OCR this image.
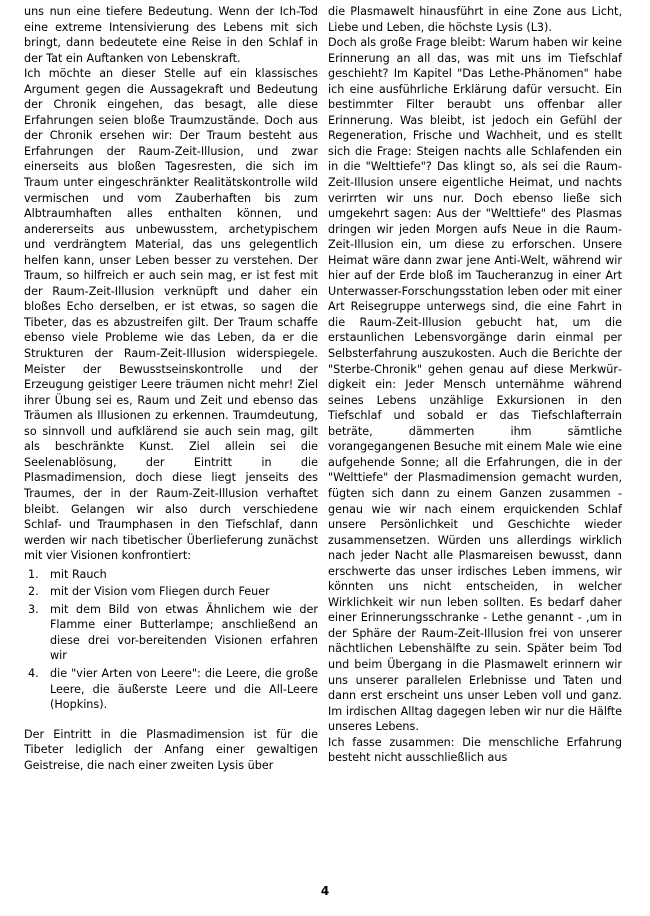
uns nun eine tiefere Bedeutung. Wenn der Ich-Tod eine extreme Intensivierung des Lebens mit sich bringt, dann bedeutete eine Reise in den Schlaf in der Tat ein Auftanken von Lebenskraft.

Ich möchte an dieser Stelle auf ein klassisches Argument gegen die Aussagekraft und Bedeutung der Chronik eingehen, das besagt, alle diese Erfahrungen seien bloße Traumzustände. Doch aus der Chronik ersehen wir: Der Traum besteht aus Erfahrungen der Raum-Zeit-Illusion, und zwar einerseits aus bloßen Tagesresten, die sich im Traum unter eingeschränkter Realitätskontrolle wild vermischen und vom Zauberhaften bis zum Albtraumhaften alles enthalten können, und andererseits aus unbewusstem, archetypischem und verdrängtem Material, das uns gelegentlich helfen kann, unser Leben besser zu verstehen. Der Traum, so hilfreich er auch sein mag, er ist fest mit der Raum-Zeit-Illusion verknüpft und daher ein bloßes Echo derselben, er ist etwas, so sagen die Tibeter, das es abzustreifen gilt. Der Traum schaffe ebenso viele Probleme wie das Leben, da er die Strukturen der Raum-Zeit-Illusion widerspiegele. Meister der Bewusstseinskontrolle und der Erzeugung geistiger Leere träumen nicht mehr! Ziel ihrer Übung sei es, Raum und Zeit und ebenso das Träumen als Illusionen zu erkennen. Traumdeutung, so sinnvoll und aufklärend sie auch sein mag, gilt als beschränkte Kunst. Ziel allein sei die Seelenablösung, der Eintritt in die Plasmadimension, doch diese liegt jenseits des Traumes, der in der Raum-Zeit-Illusion verhaftet bleibt. Gelangen wir also durch verschiedene Schlaf- und Traumphasen in den Tiefschlaf, dann werden wir nach tibetischer Überlieferung zunächst mit vier Visionen konfrontiert:

1. mit Rauch
2. mit der Vision vom Fliegen durch Feuer
3. mit dem Bild von etwas Ähnlichem wie der Flamme einer Butterlampe; anschließend an diese drei vor-bereitenden Visionen erfahren wir
4. die "vier Arten von Leere": die Leere, die große Leere, die äußerste Leere und die All-Leere (Hopkins).

Der Eintritt in die Plasmadimension ist für die Tibeter lediglich der Anfang einer gewaltigen Geistreise, die nach einer zweiten Lysis über

die Plasmawelt hinausführt in eine Zone aus Licht, Liebe und Leben, die höchste Lysis (L3).

Doch als große Frage bleibt: Warum haben wir keine Erinnerung an all das, was mit uns im Tiefschlaf geschieht? Im Kapitel "Das Lethe-Phänomen" habe ich eine ausführliche Erklärung dafür versucht. Ein bestimmter Filter beraubt uns offenbar aller Erinnerung. Was bleibt, ist jedoch ein Gefühl der Regeneration, Frische und Wachheit, und es stellt sich die Frage: Steigen nachts alle Schlafenden ein in die "Welttiefe"? Das klingt so, als sei die Raum-Zeit-Illusion unsere eigentliche Heimat, und nachts verirrten wir uns nur. Doch ebenso ließe sich umgekehrt sagen: Aus der "Welttiefe" des Plasmas dringen wir jeden Morgen aufs Neue in die Raum-Zeit-Illusion ein, um diese zu erforschen. Unsere Heimat wäre dann zwar jene Anti-Welt, während wir hier auf der Erde bloß im Taucheranzug in einer Art Unterwasser-Forschungsstation leben oder mit einer Art Reisegruppe unterwegs sind, die eine Fahrt in die Raum-Zeit-Illusion gebucht hat, um die erstaunlichen Lebensvorgänge darin einmal per Selbsterfahrung auszukosten. Auch die Berichte der "Sterbe-Chronik" gehen genau auf diese Merkwürdigkeit ein: Jeder Mensch unternähme während seines Lebens unzählige Exkursionen in den Tiefschlaf und sobald er das Tiefschlafterrain beträte, dämmerten ihm sämtliche vorangegangenen Besuche mit einem Male wie eine aufgehende Sonne; all die Erfahrungen, die in der "Welttiefe" der Plasmadimension gemacht wurden, fügten sich dann zu einem Ganzen zusammen - genau wie wir nach einem erquickenden Schlaf unsere Persönlichkeit und Geschichte wieder zusammensetzen. Würden uns allerdings wirklich nach jeder Nacht alle Plasmareisen bewusst, dann erschwerte das unser irdisches Leben immens, wir könnten uns nicht entscheiden, in welcher Wirklichkeit wir nun leben sollten. Es bedarf daher einer Erinnerungsschranke - Lethe genannt - ,um in der Sphäre der Raum-Zeit-Illusion frei von unserer nächtlichen Lebenshälfte zu sein. Später beim Tod und beim Übergang in die Plasmawelt erinnern wir uns unserer parallelen Erlebnisse und Taten und dann erst erscheint uns unser Leben voll und ganz. Im irdischen Alltag dagegen leben wir nur die Hälfte unseres Lebens.

Ich fasse zusammen: Die menschliche Erfahrung besteht nicht ausschließlich aus

4
